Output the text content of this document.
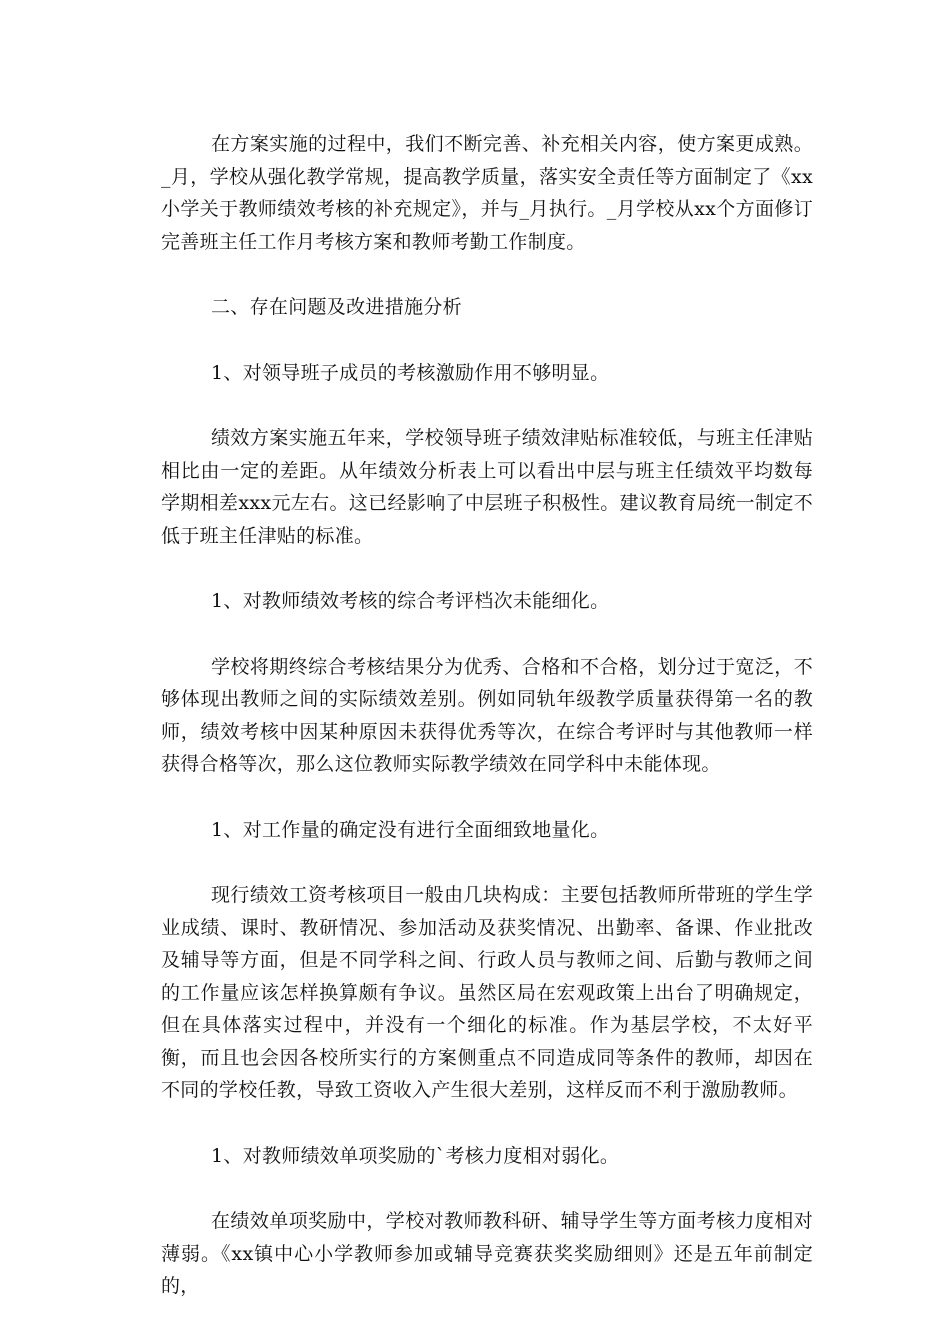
在方案实施的过程中，我们不断完善、补充相关内容，使方案更成熟。_月，学校从强化教学常规，提高教学质量，落实安全责任等方面制定了《xx小学关于教师绩效考核的补充规定》，并与_月执行。_月学校从xx个方面修订完善班主任工作月考核方案和教师考勤工作制度。

二、存在问题及改进措施分析

1、对领导班子成员的考核激励作用不够明显。

绩效方案实施五年来，学校领导班子绩效津贴标准较低，与班主任津贴相比由一定的差距。从年绩效分析表上可以看出中层与班主任绩效平均数每学期相差xxx元左右。这已经影响了中层班子积极性。建议教育局统一制定不低于班主任津贴的标准。

1、对教师绩效考核的综合考评档次未能细化。

学校将期终综合考核结果分为优秀、合格和不合格，划分过于宽泛，不够体现出教师之间的实际绩效差别。例如同轨年级教学质量获得第一名的教师，绩效考核中因某种原因未获得优秀等次，在综合考评时与其他教师一样获得合格等次，那么这位教师实际教学绩效在同学科中未能体现。

1、对工作量的确定没有进行全面细致地量化。

现行绩效工资考核项目一般由几块构成：主要包括教师所带班的学生学业成绩、课时、教研情况、参加活动及获奖情况、出勤率、备课、作业批改及辅导等方面，但是不同学科之间、行政人员与教师之间、后勤与教师之间的工作量应该怎样换算颇有争议。虽然区局在宏观政策上出台了明确规定，但在具体落实过程中，并没有一个细化的标准。作为基层学校，不太好平衡，而且也会因各校所实行的方案侧重点不同造成同等条件的教师，却因在不同的学校任教，导致工资收入产生很大差别，这样反而不利于激励教师。

1、对教师绩效单项奖励的`考核力度相对弱化。

在绩效单项奖励中，学校对教师教科研、辅导学生等方面考核力度相对薄弱。《xx镇中心小学教师参加或辅导竞赛获奖奖励细则》还是五年前制定的，
